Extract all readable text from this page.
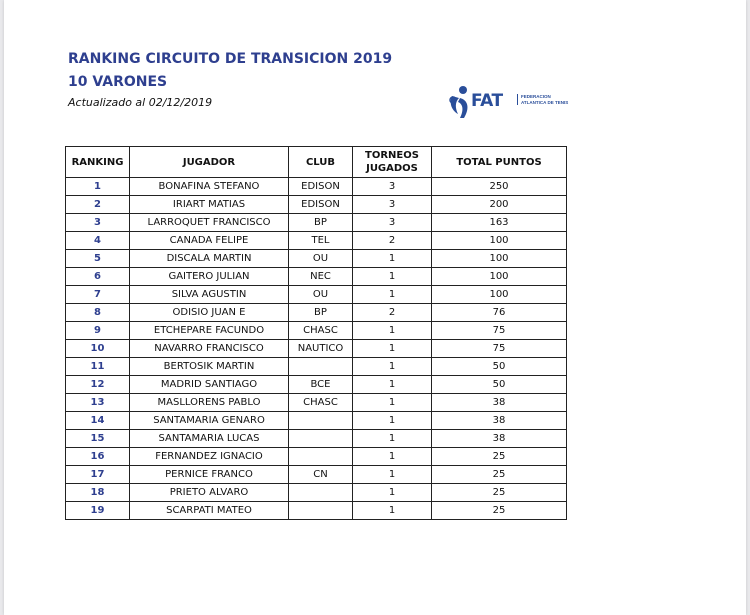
RANKING CIRCUITO DE TRANSICION 2019
10 VARONES
Actualizado al 02/12/2019	FAT	FEDERACION ATLANTICA DE TENIS
RANKING	JUGADOR	CLUB	TORNEOS JUGADOS	TOTAL PUNTOS
1	BONAFINA STEFANO	EDISON	3	250
2	IRIART MATIAS	EDISON	3	200
3	LARROQUET FRANCISCO	BP	3	163
4	CANADA FELIPE	TEL	2	100
5	DISCALA MARTIN	OU	1	100
6	GAITERO JULIAN	NEC	1	100
7	SILVA AGUSTIN	OU	1	100
8	ODISIO JUAN E	BP	2	76
9	ETCHEPARE FACUNDO	CHASC	1	75
10	NAVARRO FRANCISCO	NAUTICO	1	75
11	BERTOSIK MARTIN		1	50
12	MADRID SANTIAGO	BCE	1	50
13	MASLLORENS PABLO	CHASC	1	38
14	SANTAMARIA GENARO		1	38
15	SANTAMARIA LUCAS		1	38
16	FERNANDEZ IGNACIO		1	25
17	PERNICE FRANCO	CN	1	25
18	PRIETO ALVARO		1	25
19	SCARPATI MATEO		1	25
